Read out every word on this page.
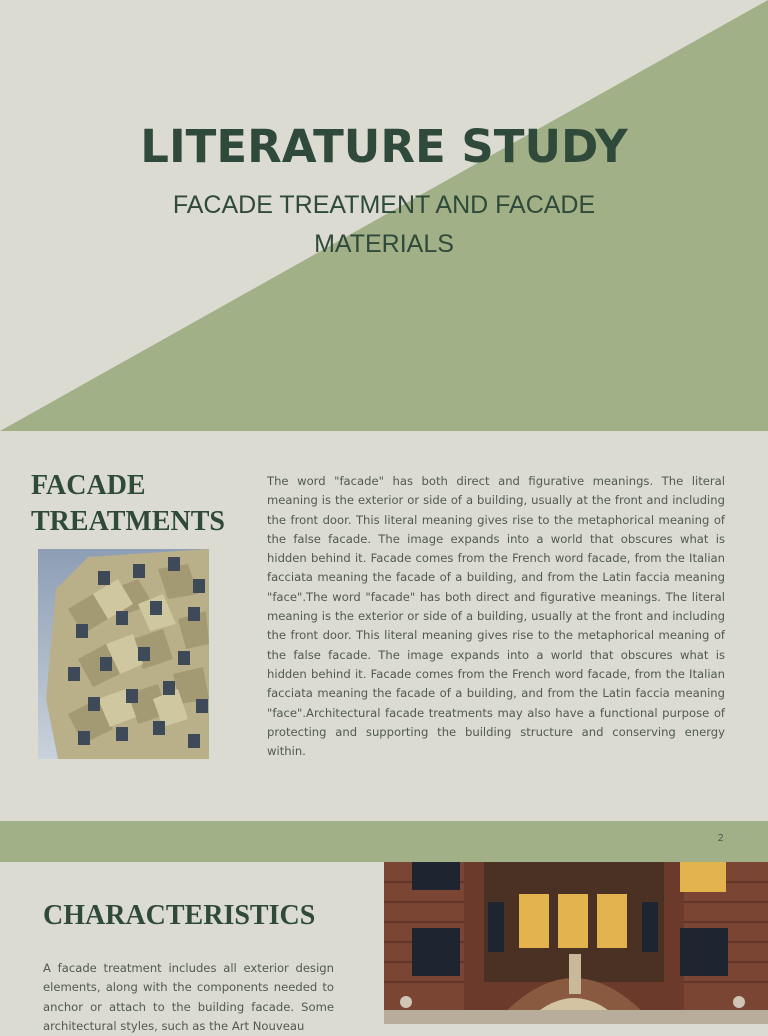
LITERATURE STUDY

FACADE TREATMENT AND FACADE MATERIALS

FACADE TREATMENTS

The word "facade" has both direct and figurative meanings. The literal meaning is the exterior or side of a building, usually at the front and including the front door. This literal meaning gives rise to the metaphorical meaning of the false facade. The image expands into a world that obscures what is hidden behind it. Facade comes from the French word facade, from the Italian facciata meaning the facade of a building, and from the Latin faccia meaning "face".The word "facade" has both direct and figurative meanings. The literal meaning is the exterior or side of a building, usually at the front and including the front door. This literal meaning gives rise to the metaphorical meaning of the false facade. The image expands into a world that obscures what is hidden behind it. Facade comes from the French word facade, from the Italian facciata meaning the facade of a building, and from the Latin faccia meaning "face".Architectural facade treatments may also have a functional purpose of protecting and supporting the building structure and conserving energy within.

2
CHARACTERISTICS

A facade treatment includes all exterior design elements, along with the components needed to anchor or attach to the building facade. Some architectural styles, such as the Art Nouveau
